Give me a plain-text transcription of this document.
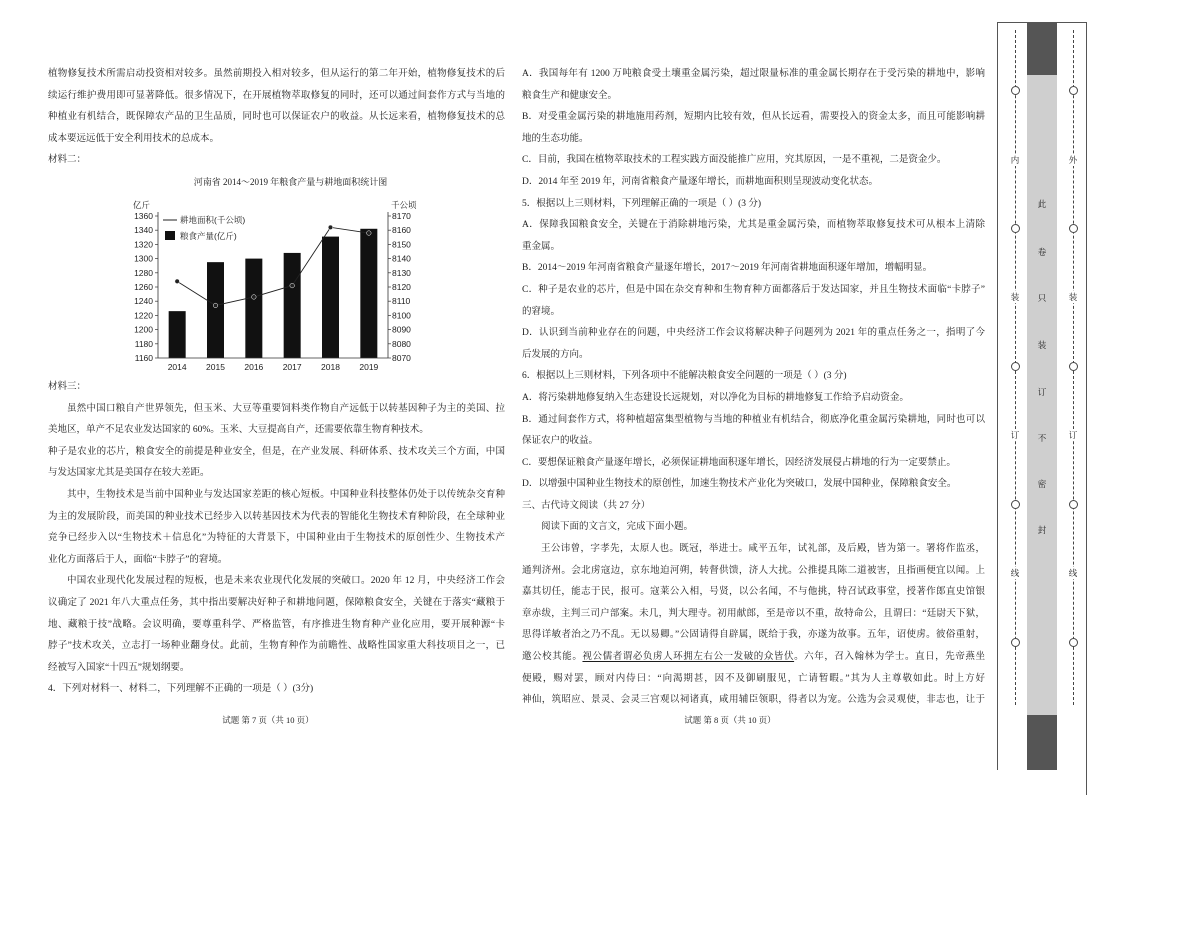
植物修复技术所需启动投资相对较多。虽然前期投入相对较多，但从运行的第二年开始，植物修复技术的后
续运行维护费用即可显著降低。很多情况下，在开展植物萃取修复的同时，还可以通过间套作方式与当地的
种植业有机结合，既保障农产品的卫生品质，同时也可以保证农户的收益。从长远来看，植物修复技术的总
成本要远远低于安全利用技术的总成本。
材料二：
河南省 2014～2019 年粮食产量与耕地面积统计图
1360
1340
1320
1300
1280
1260
1240
1220
1200
1180
1160
8170
8160
8150
8140
8130
8120
8110
8100
8090
8080
8070
2014 2015 2016 2017 2018 2019
亿斤	千公顷
耕地面积(千公顷)
粮食产量(亿斤)
材料三：
虽然中国口粮自产世界领先，但玉米、大豆等重要饲料类作物自产远低于以转基因种子为主的美国、拉
美地区，单产不足农业发达国家的 60%。玉米、大豆提高自产，还需要依靠生物育种技术。
种子是农业的芯片，粮食安全的前提是种业安全，但是，在产业发展、科研体系、技术攻关三个方面，中国
与发达国家尤其是美国存在较大差距。
其中，生物技术是当前中国种业与发达国家差距的核心短板。中国种业科技整体仍处于以传统杂交育种
为主的发展阶段，而美国的种业技术已经步入以转基因技术为代表的智能化生物技术育种阶段，在全球种业
竞争已经步入以“生物技术＋信息化”为特征的大背景下，中国种业由于生物技术的原创性少、生物技术产
业化方面落后于人，面临“卡脖子”的窘境。
中国农业现代化发展过程的短板，也是未来农业现代化发展的突破口。2020 年 12 月，中央经济工作会
议确定了 2021 年八大重点任务，其中指出要解决好种子和耕地问题，保障粮食安全，关键在于落实“藏粮于
地、藏粮于技”战略。会议明确，要尊重科学、严格监管，有序推进生物育种产业化应用，要开展种源“卡
脖子”技术攻关，立志打一场种业翻身仗。此前，生物育种作为前瞻性、战略性国家重大科技项目之一，已
经被写入国家“十四五”规划纲要。
4．下列对材料一、材料二，下列理解不正确的一项是（ ）(3分)
试题 第 7 页（共 10 页）
A．我国每年有 1200 万吨粮食受土壤重金属污染，超过限量标准的重金属长期存在于受污染的耕地中，影响
粮食生产和健康安全。
B．对受重金属污染的耕地施用药剂，短期内比较有效，但从长远看，需要投入的资金太多，而且可能影响耕
地的生态功能。
C．目前，我国在植物萃取技术的工程实践方面没能推广应用，究其原因，一是不重视，二是资金少。
D．2014 年至 2019 年，河南省粮食产量逐年增长，而耕地面积则呈现波动变化状态。
5．根据以上三则材料，下列理解正确的一项是（ ）(3 分)
A．保障我国粮食安全，关键在于消除耕地污染，尤其是重金属污染，而植物萃取修复技术可从根本上清除
重金属。
B．2014～2019 年河南省粮食产量逐年增长，2017～2019 年河南省耕地面积逐年增加，增幅明显。
C．种子是农业的芯片，但是中国在杂交育种和生物育种方面都落后于发达国家，并且生物技术面临“卡脖子”
的窘境。
D．认识到当前种业存在的问题，中央经济工作会议将解决种子问题列为 2021 年的重点任务之一，指明了今
后发展的方向。
6．根据以上三则材料，下列各项中不能解决粮食安全问题的一项是（ ）(3 分)
A．将污染耕地修复纳入生态建设长远规划，对以净化为目标的耕地修复工作给予启动资金。
B．通过间套作方式，将种植超富集型植物与当地的种植业有机结合，彻底净化重金属污染耕地，同时也可以
保证农户的收益。
C．要想保证粮食产量逐年增长，必须保证耕地面积逐年增长，因经济发展侵占耕地的行为一定要禁止。
D．以增强中国种业生物技术的原创性，加速生物技术产业化为突破口，发展中国种业，保障粮食安全。
三、古代诗文阅读（共 27 分）
阅读下面的文言文，完成下面小题。
王公讳曾，字孝先，太原人也。既冠，举进士。咸平五年，试礼部，及后殿，皆为第一。署将作监丞，
通判济州。会北虏寇边，京东地迫河朔，转督供馈，济人大扰。公推提具陈二道被害，且指画便宜以闻。上
嘉其切任，能志于民，报可。寇莱公入相，号贤，以公名闻，不与他挑，特召试政事堂，授著作郎直史馆银
章赤绂，主判三司户部案。未几，判大理寺。初用献郎，至是帝以不重，故特命公，且谓曰：“廷尉天下狱，
思得详敏者治之乃不乱。无以易卿。”公固请得自辟属，既给于我，亦遂为故事。五年，诏使虏。彼俗重射，
邀公校其能。视公儒者谓必负虏人环拥左右公一发破的众皆伏。六年，召入翰林为学士。直日，先帝燕坐
便殿，赐对罢，顾对内侍曰：“向渴期甚，因不及御刷服见，亡请暂暇。”其为人主尊敬如此。时上方好
神仙，筑昭应、景灵、会灵三宫观以祠诸真，咸用辅臣领职，得者以为宠。公选为会灵观使，非志也，让于
试题 第 8 页（共 10 页）
内
装
订
线
此
卷
只
装
订
不
密
封
外
装
订
线
